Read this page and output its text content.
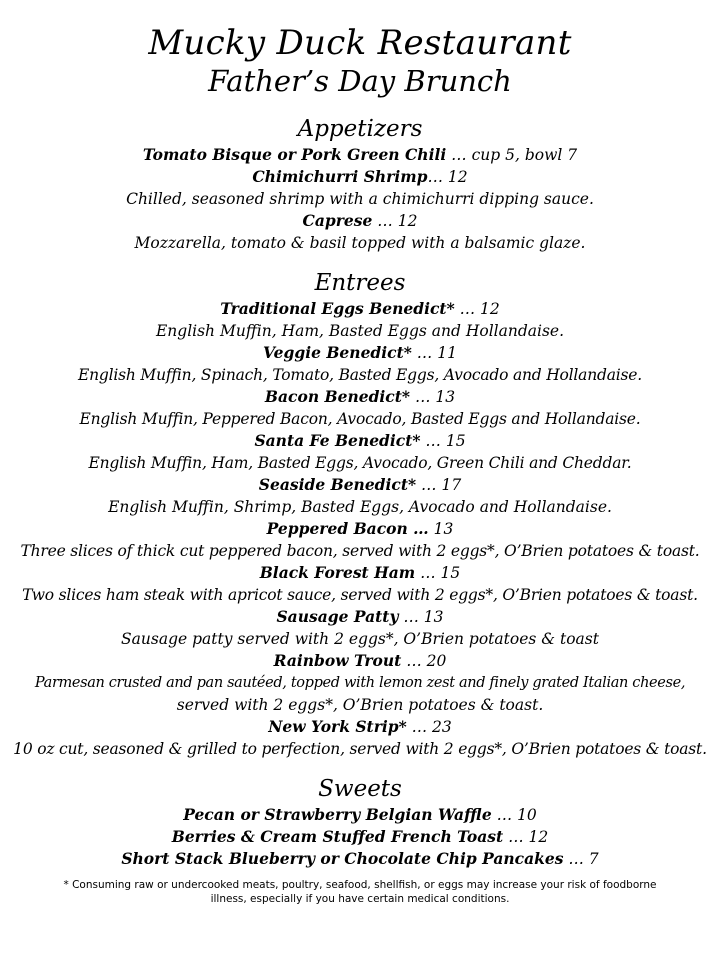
Mucky Duck Restaurant
Father’s Day Brunch
Appetizers
Tomato Bisque or Pork Green Chili … cup 5, bowl 7
Chimichurri Shrimp… 12
Chilled, seasoned shrimp with a chimichurri dipping sauce.
Caprese … 12
Mozzarella, tomato & basil topped with a balsamic glaze.
Entrees
Traditional Eggs Benedict* … 12
English Muffin, Ham, Basted Eggs and Hollandaise.
Veggie Benedict* … 11
English Muffin, Spinach, Tomato, Basted Eggs, Avocado and Hollandaise.
Bacon Benedict* … 13
English Muffin, Peppered Bacon, Avocado, Basted Eggs and Hollandaise.
Santa Fe Benedict* … 15
English Muffin, Ham, Basted Eggs, Avocado, Green Chili and Cheddar.
Seaside Benedict* … 17
English Muffin, Shrimp, Basted Eggs, Avocado and Hollandaise.
Peppered Bacon … 13
Three slices of thick cut peppered bacon, served with 2 eggs*, O’Brien potatoes & toast.
Black Forest Ham … 15
Two slices ham steak with apricot sauce, served with 2 eggs*, O’Brien potatoes & toast.
Sausage Patty … 13
Sausage patty served with 2 eggs*, O’Brien potatoes & toast
Rainbow Trout … 20
Parmesan crusted and pan sautéed, topped with lemon zest and finely grated Italian cheese,
served with 2 eggs*, O’Brien potatoes & toast.
New York Strip* … 23
10 oz cut, seasoned & grilled to perfection, served with 2 eggs*, O’Brien potatoes & toast.
Sweets
Pecan or Strawberry Belgian Waffle … 10
Berries & Cream Stuffed French Toast … 12
Short Stack Blueberry or Chocolate Chip Pancakes … 7
* Consuming raw or undercooked meats, poultry, seafood, shellfish, or eggs may increase your risk of foodborne
illness, especially if you have certain medical conditions.
